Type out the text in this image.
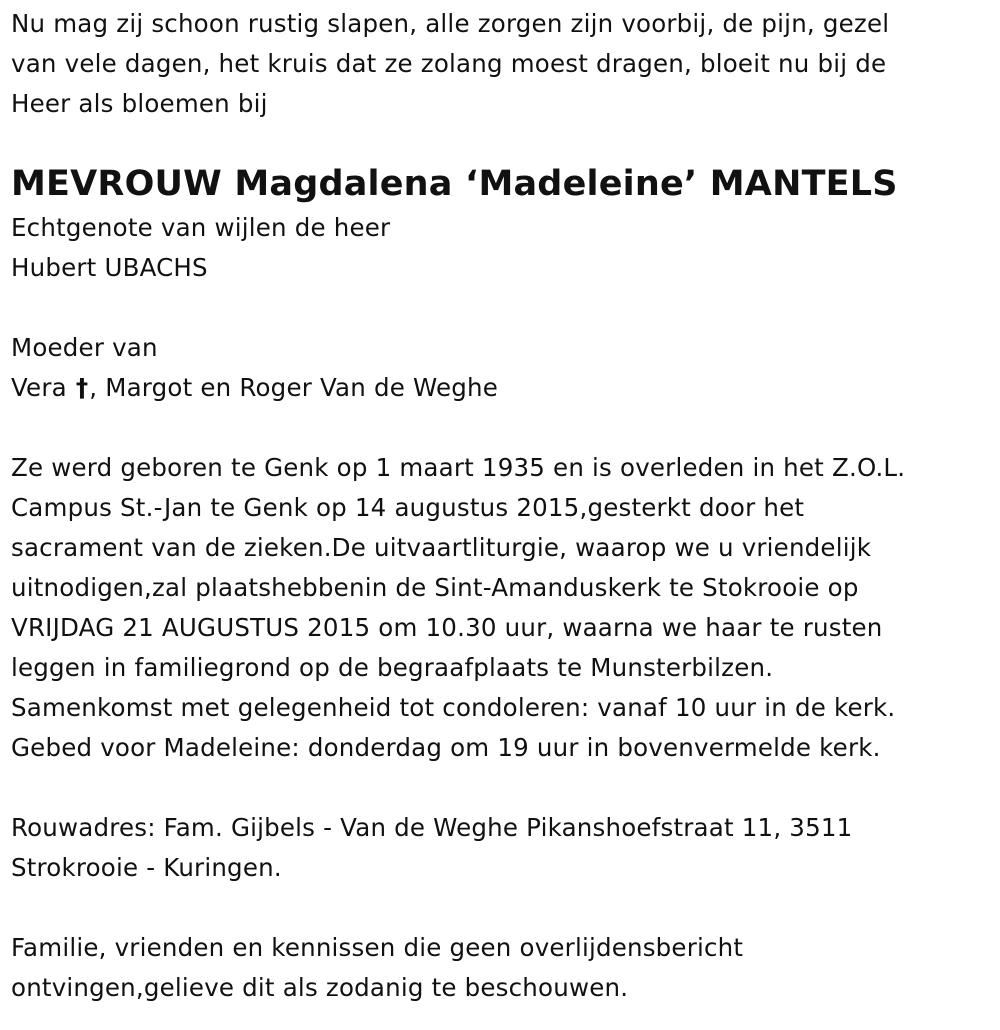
Nu mag zij schoon rustig slapen, alle zorgen zijn voorbij, de pijn, gezel
van vele dagen, het kruis dat ze zolang moest dragen, bloeit nu bij de
Heer als bloemen bij
MEVROUW Magdalena ‘Madeleine’ MANTELS
Echtgenote van wijlen de heer
Hubert UBACHS
Moeder van
Vera †, Margot en Roger Van de Weghe
Ze werd geboren te Genk op 1 maart 1935 en is overleden in het Z.O.L.
Campus St.-Jan te Genk op 14 augustus 2015,gesterkt door het
sacrament van de zieken.De uitvaartliturgie, waarop we u vriendelijk
uitnodigen,zal plaatshebbenin de Sint-Amanduskerk te Stokrooie op
VRIJDAG 21 AUGUSTUS 2015 om 10.30 uur, waarna we haar te rusten
leggen in familiegrond op de begraafplaats te Munsterbilzen.
Samenkomst met gelegenheid tot condoleren: vanaf 10 uur in de kerk.
Gebed voor Madeleine: donderdag om 19 uur in bovenvermelde kerk.
Rouwadres: Fam. Gijbels - Van de Weghe Pikanshoefstraat 11, 3511
Strokrooie - Kuringen.
Familie, vrienden en kennissen die geen overlijdensbericht
ontvingen,gelieve dit als zodanig te beschouwen.
